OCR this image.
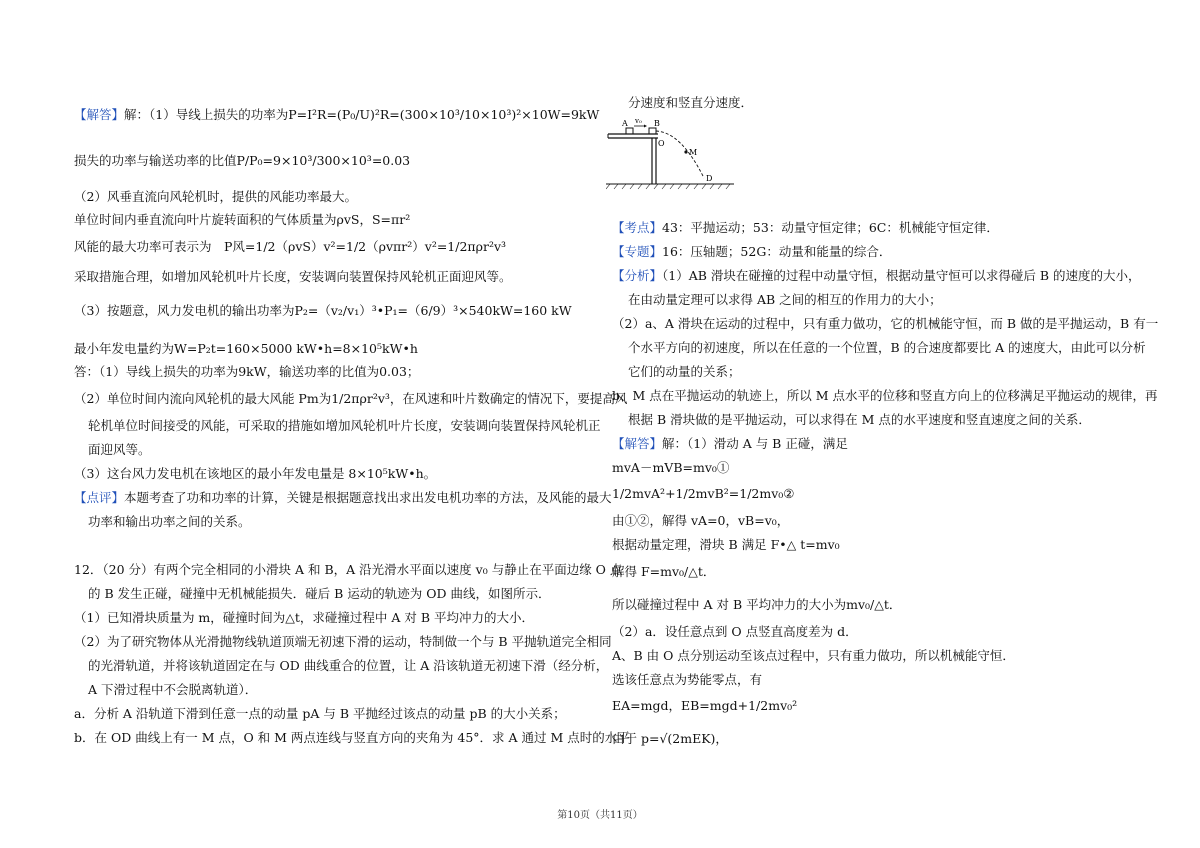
【解答】解：（1）导线上损失的功率为P=I²R=(P₀/U)²R=(300×10³/10×10³)²×10W=9kW
损失的功率与输送功率的比值P/P₀=9×10³/300×10³=0.03
（2）风垂直流向风轮机时，提供的风能功率最大。
单位时间内垂直流向叶片旋转面积的气体质量为ρvS，S=πr²
风能的最大功率可表示为　P风=1/2（ρvS）v²=1/2（ρvπr²）v²=1/2πρr²v³
采取措施合理，如增加风轮机叶片长度，安装调向装置保持风轮机正面迎风等。
（3）按题意，风力发电机的输出功率为P₂=（v₂/v₁）³•P₁=（6/9）³×540kW=160 kW
最小年发电量约为W=P₂t=160×5000 kW•h=8×10⁵kW•h
答：（1）导线上损失的功率为9kW，输送功率的比值为0.03；
（2）单位时间内流向风轮机的最大风能 Pm为1/2πρr²v³，在风速和叶片数确定的情况下，要提高风
轮机单位时间接受的风能，可采取的措施如增加风轮机叶片长度，安装调向装置保持风轮机正
面迎风等。
（3）这台风力发电机在该地区的最小年发电量是 8×10⁵kW•h。
【点评】本题考查了功和功率的计算，关键是根据题意找出求出发电机功率的方法，及风能的最大
功率和输出功率之间的关系。
12．（20 分）有两个完全相同的小滑块 A 和 B，A 沿光滑水平面以速度 v₀ 与静止在平面边缘 O 点
的 B 发生正碰，碰撞中无机械能损失．碰后 B 运动的轨迹为 OD 曲线，如图所示．
（1）已知滑块质量为 m，碰撞时间为△t，求碰撞过程中 A 对 B 平均冲力的大小．
（2）为了研究物体从光滑抛物线轨道顶端无初速下滑的运动，特制做一个与 B 平抛轨道完全相同
的光滑轨道，并将该轨道固定在与 OD 曲线重合的位置，让 A 沿该轨道无初速下滑（经分析，
A 下滑过程中不会脱离轨道）．
a．分析 A 沿轨道下滑到任意一点的动量 pA 与 B 平抛经过该点的动量 pB 的大小关系；
b．在 OD 曲线上有一 M 点，O 和 M 两点连线与竖直方向的夹角为 45°．求 A 通过 M 点时的水平
分速度和竖直分速度．
A v₀ B
O
M
D
【考点】43：平抛运动；53：动量守恒定律；6C：机械能守恒定律．
【专题】16：压轴题；52G：动量和能量的综合．
【分析】（1）AB 滑块在碰撞的过程中动量守恒，根据动量守恒可以求得碰后 B 的速度的大小，
在由动量定理可以求得 AB 之间的相互的作用力的大小；
（2）a、A 滑块在运动的过程中，只有重力做功，它的机械能守恒，而 B 做的是平抛运动，B 有一
个水平方向的初速度，所以在任意的一个位置，B 的合速度都要比 A 的速度大，由此可以分析
它们的动量的关系；
b、M 点在平抛运动的轨迹上，所以 M 点水平的位移和竖直方向上的位移满足平抛运动的规律，再
根据 B 滑块做的是平抛运动，可以求得在 M 点的水平速度和竖直速度之间的关系．
【解答】解：（1）滑动 A 与 B 正碰，满足
mvA－mVB=mv₀①
1/2mvA²+1/2mvB²=1/2mv₀②
由①②，解得 vA=0，vB=v₀，
根据动量定理，滑块 B 满足 F•△ t=mv₀
解得 F=mv₀/△t．
所以碰撞过程中 A 对 B 平均冲力的大小为mv₀/△t．
（2）a．设任意点到 O 点竖直高度差为 d．
A、B 由 O 点分别运动至该点过程中，只有重力做功，所以机械能守恒．
选该任意点为势能零点，有
EA=mgd，EB=mgd+1/2mv₀²
由于 p=√(2mEK)，
第10页（共11页）
